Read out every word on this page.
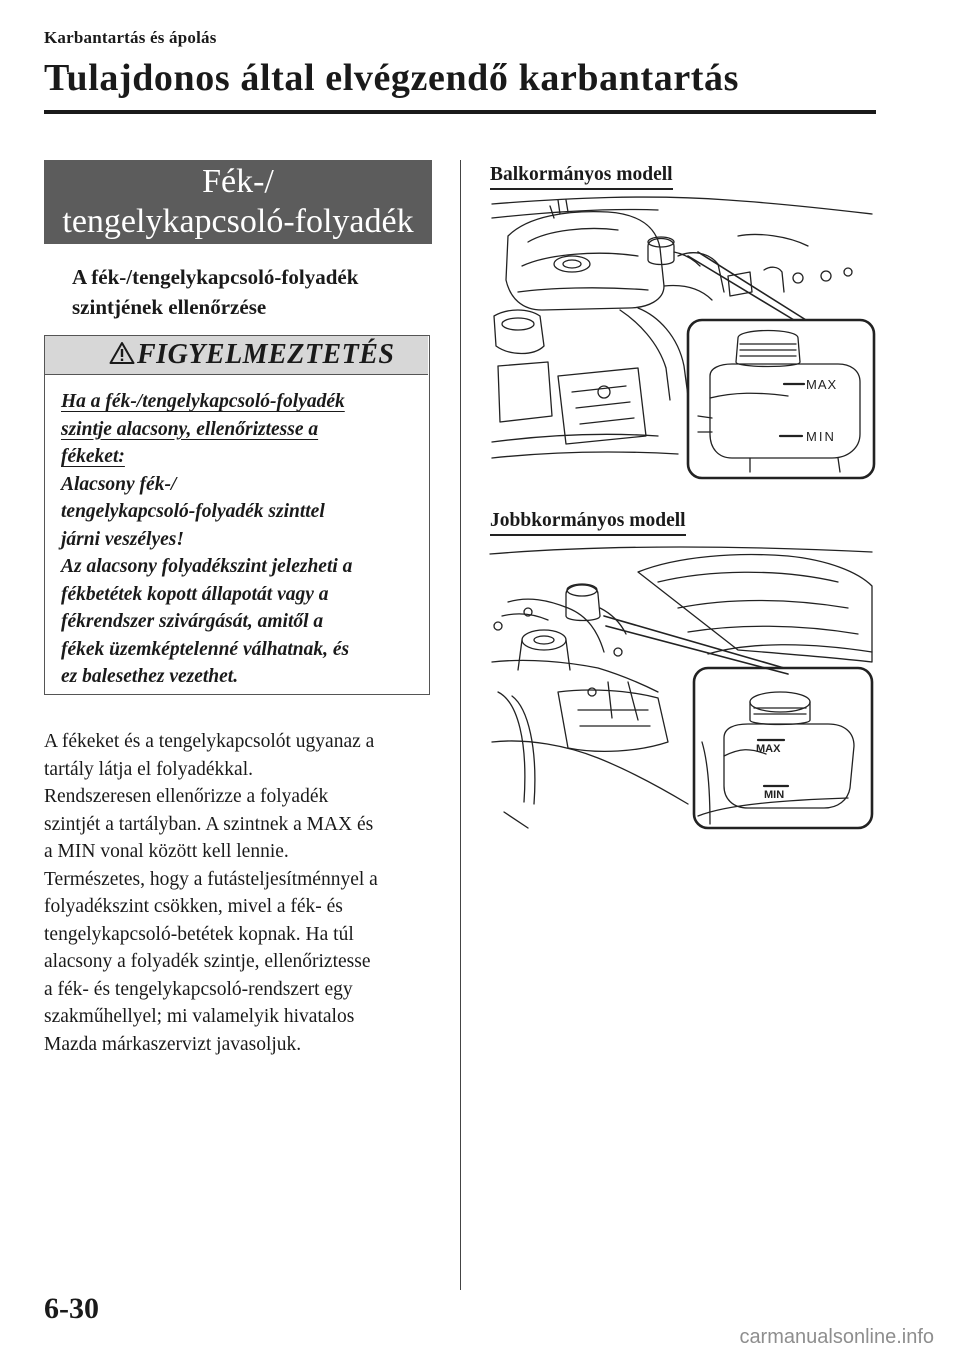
Karbantartás és ápolás
Tulajdonos által elvégzendő karbantartás
Fék-/
tengelykapcsoló-folyadék
A fék-/tengelykapcsoló-folyadék
szintjének ellenőrzése
FIGYELMEZTETÉS
Ha a fék-/tengelykapcsoló-folyadék
szintje alacsony, ellenőriztesse a
fékeket:
Alacsony fék-/
tengelykapcsoló-folyadék szinttel
járni veszélyes!
Az alacsony folyadékszint jelezheti a
fékbetétek kopott állapotát vagy a
fékrendszer szivárgását, amitől a
fékek üzemképtelenné válhatnak, és
ez balesethez vezethet.
A fékeket és a tengelykapcsolót ugyanaz a
tartály látja el folyadékkal.
Rendszeresen ellenőrizze a folyadék
szintjét a tartályban. A szintnek a MAX és
a MIN vonal között kell lennie.
Természetes, hogy a futásteljesítménnyel a
folyadékszint csökken, mivel a fék- és
tengelykapcsoló-betétek kopnak. Ha túl
alacsony a folyadék szintje, ellenőriztesse
a fék- és tengelykapcsoló-rendszert egy
szakműhellyel; mi valamelyik hivatalos
Mazda márkaszervizt javasoljuk.
Balkormányos modell
MAX
MIN
Jobbkormányos modell
MAX
MIN
6-30
carmanualsonline.info
